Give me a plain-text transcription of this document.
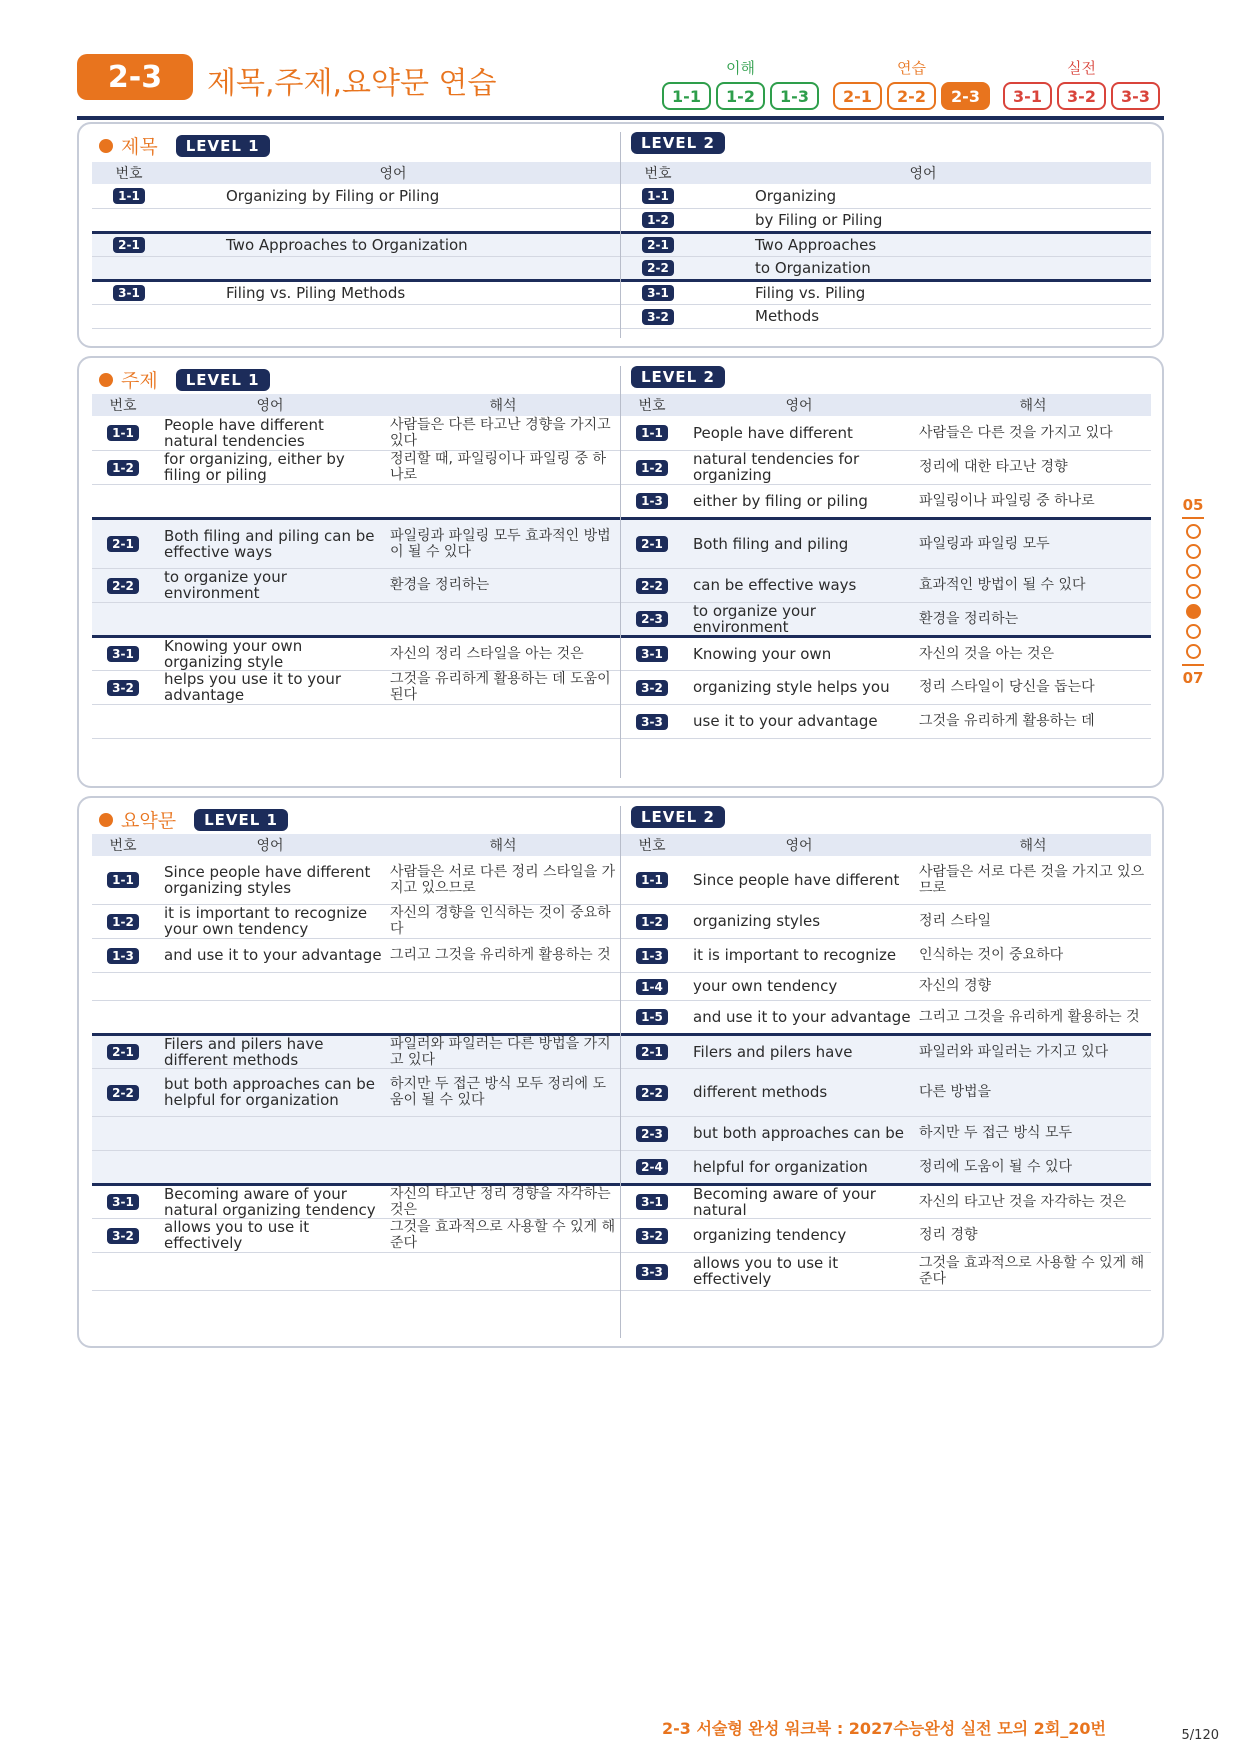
2-3	제목,주제,요약문 연습	이해
1-1	1-2	1-3
연습
2-1	2-2	2-3
실전
3-1	3-2	3-3
제목	LEVEL 1	LEVEL 2
번호	영어
1-1	Organizing by Filing or Piling

2-1	Two Approaches to Organization

3-1	Filing vs. Piling Methods

번호	영어
1-1	Organizing
1-2	by Filing or Piling
2-1	Two Approaches
2-2	to Organization
3-1	Filing vs. Piling
3-2	Methods
주제	LEVEL 1	LEVEL 2
번호	영어	해석
1-1	People have different natural tendencies	사람들은 다른 타고난 경향을 가지고 있다
1-2	for organizing, either by filing or piling	정리할 때, 파일링이나 파일링 중 하나로

2-1	Both filing and piling can be effective ways	파일링과 파일링 모두 효과적인 방법이 될 수 있다
2-2	to organize your environment	환경을 정리하는

3-1	Knowing your own organizing style	자신의 정리 스타일을 아는 것은
3-2	helps you use it to your advantage	그것을 유리하게 활용하는 데 도움이 된다

번호	영어	해석
1-1	People have different	사람들은 다른 것을 가지고 있다
1-2	natural tendencies for organizing	정리에 대한 타고난 경향
1-3	either by filing or piling	파일링이나 파일링 중 하나로
2-1	Both filing and piling	파일링과 파일링 모두
2-2	can be effective ways	효과적인 방법이 될 수 있다
2-3	to organize your environment	환경을 정리하는
3-1	Knowing your own	자신의 것을 아는 것은
3-2	organizing style helps you	정리 스타일이 당신을 돕는다
3-3	use it to your advantage	그것을 유리하게 활용하는 데
요약문	LEVEL 1	LEVEL 2
번호	영어	해석
1-1	Since people have different organizing styles	사람들은 서로 다른 정리 스타일을 가지고 있으므로
1-2	it is important to recognize your own tendency	자신의 경향을 인식하는 것이 중요하다
1-3	and use it to your advantage	그리고 그것을 유리하게 활용하는 것

2-1	Filers and pilers have different methods	파일러와 파일러는 다른 방법을 가지고 있다
2-2	but both approaches can be helpful for organization	하지만 두 접근 방식 모두 정리에 도움이 될 수 있다

3-1	Becoming aware of your natural organizing tendency	자신의 타고난 정리 경향을 자각하는 것은
3-2	allows you to use it effectively	그것을 효과적으로 사용할 수 있게 해준다

번호	영어	해석
1-1	Since people have different	사람들은 서로 다른 것을 가지고 있으므로
1-2	organizing styles	정리 스타일
1-3	it is important to recognize	인식하는 것이 중요하다
1-4	your own tendency	자신의 경향
1-5	and use it to your advantage	그리고 그것을 유리하게 활용하는 것
2-1	Filers and pilers have	파일러와 파일러는 가지고 있다
2-2	different methods	다른 방법을
2-3	but both approaches can be	하지만 두 접근 방식 모두
2-4	helpful for organization	정리에 도움이 될 수 있다
3-1	Becoming aware of your natural	자신의 타고난 것을 자각하는 것은
3-2	organizing tendency	정리 경향
3-3	allows you to use it effectively	그것을 효과적으로 사용할 수 있게 해준다
05
07
2-3 서술형 완성 워크북 : 2027수능완성 실전 모의 2회_20번	5/120
